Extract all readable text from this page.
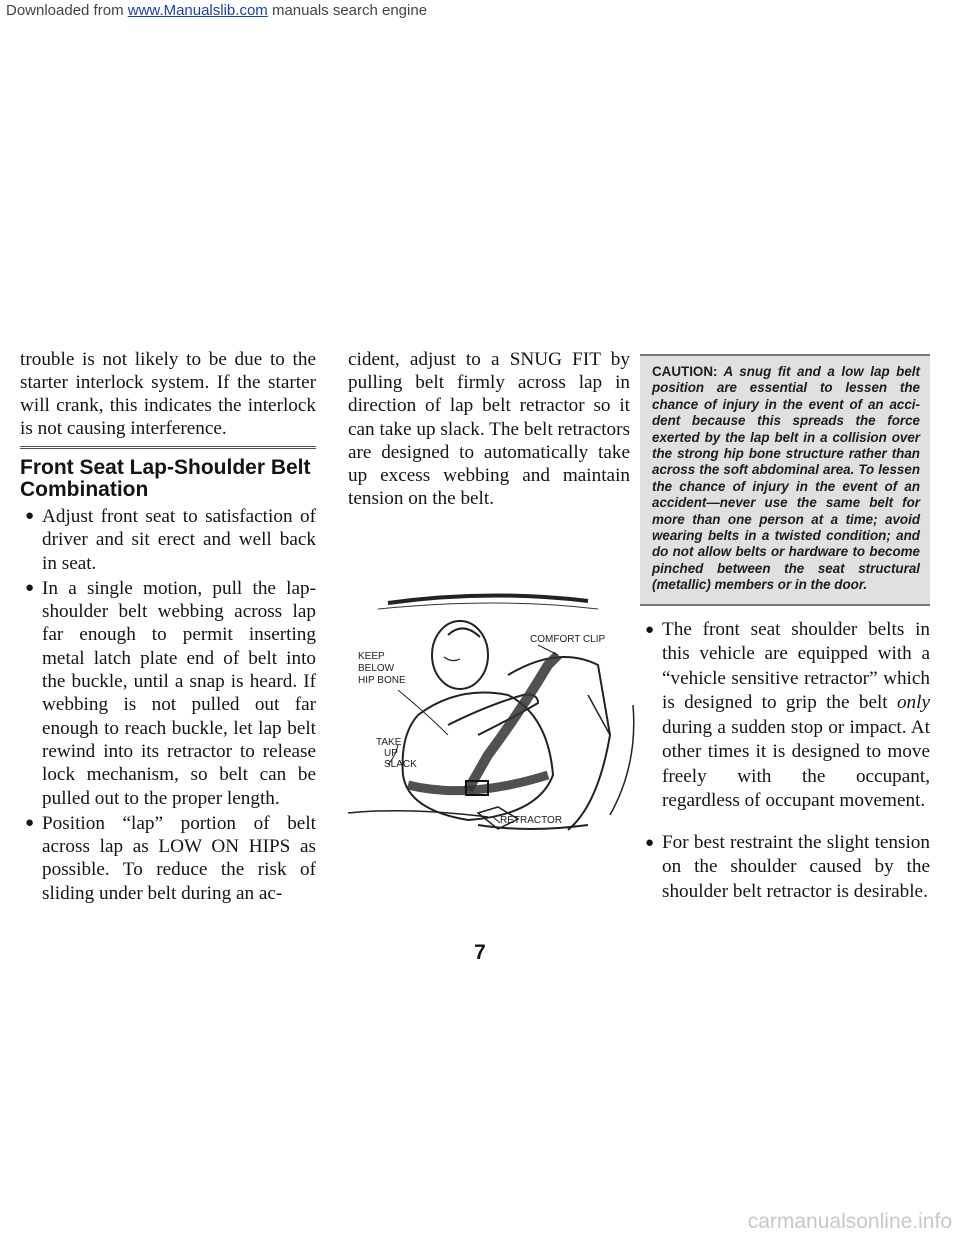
Downloaded from www.Manualslib.com manuals search engine

trouble is not likely to be due to the starter interlock system. If the starter will crank, this indicates the interlock is not causing interference.

Front Seat Lap-Shoulder Belt Combination
● Adjust front seat to satisfaction of driver and sit erect and well back in seat.
● In a single motion, pull the lap-shoulder belt webbing across lap far enough to permit inserting metal latch plate end of belt into the buckle, until a snap is heard. If webbing is not pulled out far enough to reach buckle, let lap belt rewind into its retractor to release lock mechanism, so belt can be pulled out to the proper length.
● Position “lap” portion of belt across lap as LOW ON HIPS as possible. To reduce the risk of sliding under belt during an ac-

cident, adjust to a SNUG FIT by pulling belt firmly across lap in direction of lap belt retractor so it can take up slack. The belt retractors are designed to automatically take up excess webbing and maintain tension on the belt.

COMFORT CLIP
KEEP
BELOW
HIP BONE
TAKE
UP
SLACK
RETRACTOR
CAUTION: A snug fit and a low lap belt position are essential to lessen the chance of injury in the event of an accident because this spreads the force exerted by the lap belt in a collision over the strong hip bone structure rather than across the soft abdominal area. To lessen the chance of injury in the event of an accident—never use the same belt for more than one person at a time; avoid wearing belts in a twisted condition; and do not allow belts or hardware to become pinched between the seat structural (metallic) members or in the door.
● The front seat shoulder belts in this vehicle are equipped with a “vehicle sensitive retractor” which is designed to grip the belt only during a sudden stop or impact. At other times it is designed to move freely with the occupant, regardless of occupant movement.
● For best restraint the slight tension on the shoulder caused by the shoulder belt retractor is desirable.
7
carmanualsonline.info
